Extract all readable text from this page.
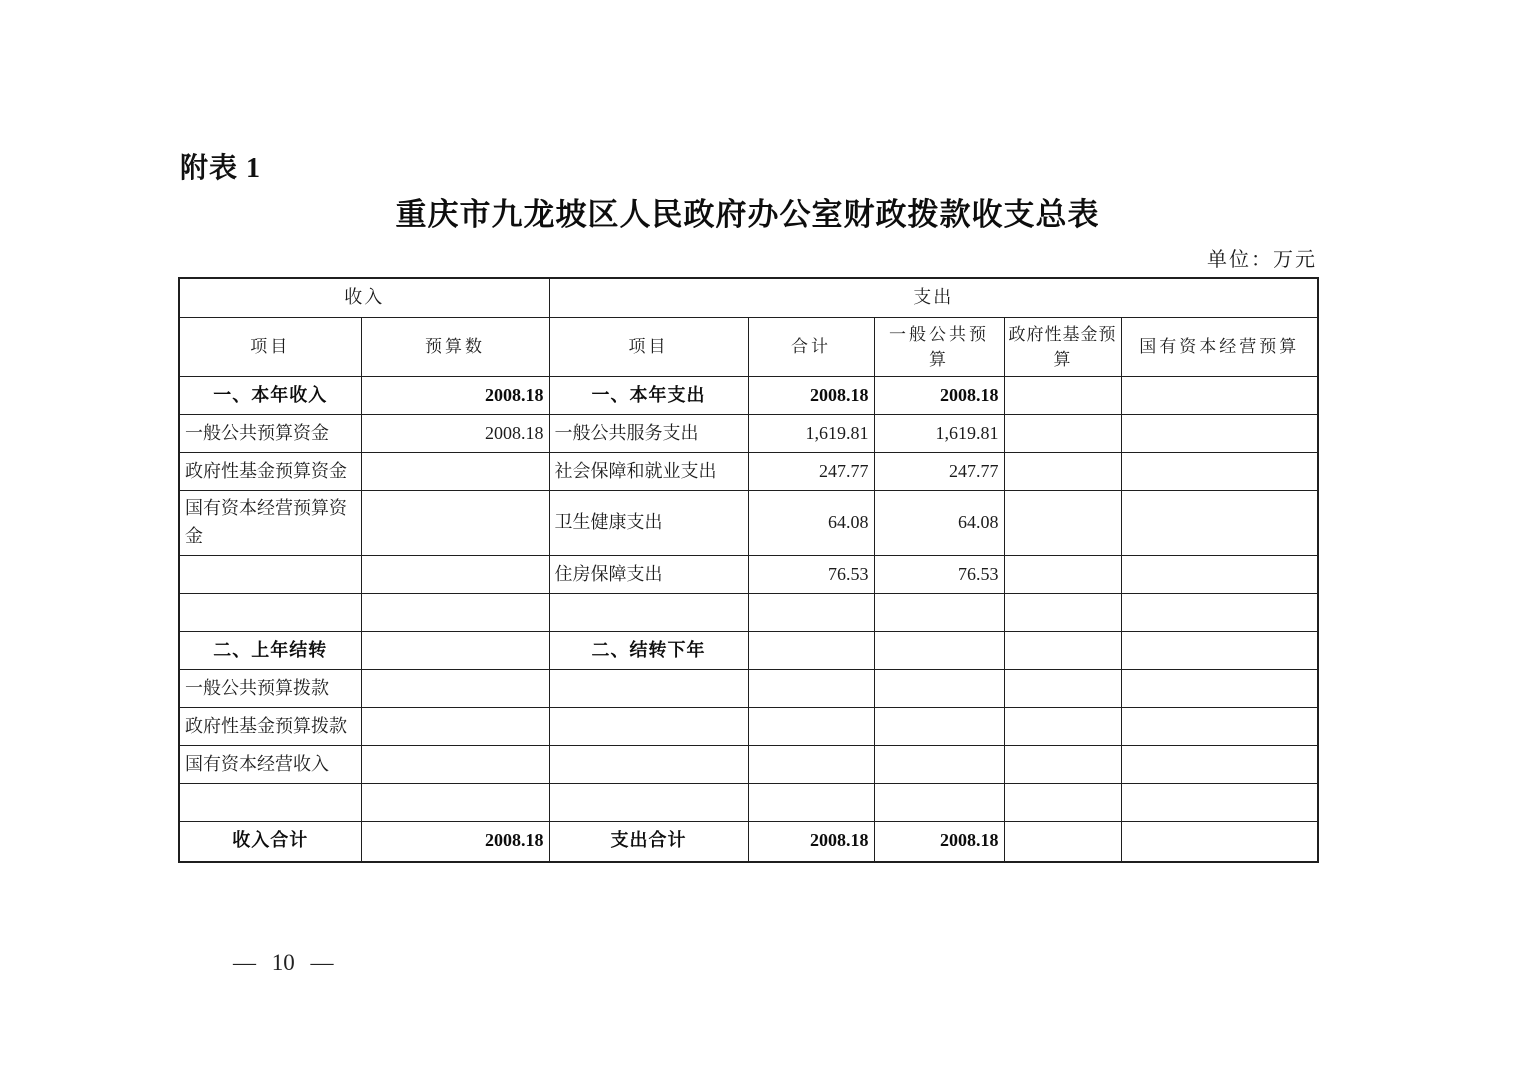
附表 1
重庆市九龙坡区人民政府办公室财政拨款收支总表
单位：万元
收入		支出				
项目	预算数	项目	合计	一般公共预算	政府性基金预算	国有资本经营预算
一、本年收入	2008.18	一、本年支出	2008.18	2008.18		
一般公共预算资金	2008.18	一般公共服务支出	1,619.81	1,619.81		
政府性基金预算资金		社会保障和就业支出	247.77	247.77		
国有资本经营预算资金		卫生健康支出	64.08	64.08		
		住房保障支出	76.53	76.53		

二、上年结转		二、结转下年				
一般公共预算拨款						
政府性基金预算拨款						
国有资本经营收入						

收入合计	2008.18	支出合计	2008.18	2008.18		
— 10 —
